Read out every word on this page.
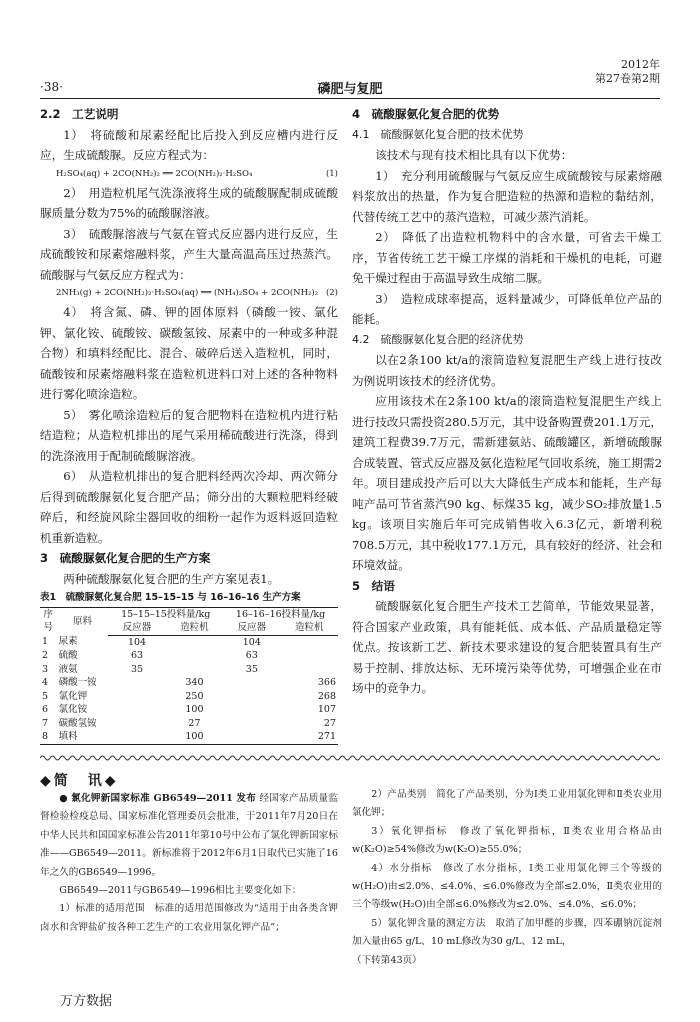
·38·	磷肥与复肥
2012年
第27卷第2期

2.2　工艺说明

1）　将硫酸和尿素经配比后投入到反应槽内进行反应，生成硫酸脲。反应方程式为：

H₂SO₄(aq) + 2CO(NH₂)₂ ══ 2CO(NH₂)₂·H₂SO₄	(1)

2）　用造粒机尾气洗涤液将生成的硫酸脲配制成硫酸脲质量分数为75%的硫酸脲溶液。

3）　硫酸脲溶液与气氨在管式反应器内进行反应，生成硫酸铵和尿素熔融料浆，产生大量高温高压过热蒸汽。硫酸脲与气氨反应方程式为：

2NH₃(g) + 2CO(NH₂)₂·H₂SO₄(aq) ══ (NH₄)₂SO₄ + 2CO(NH₂)₂ (2)

4）　将含氮、磷、钾的固体原料（磷酸一铵、氯化钾、氯化铵、硫酸铵、碳酸氢铵、尿素中的一种或多种混合物）和填料经配比、混合、破碎后送入造粒机，同时，硫酸铵和尿素熔融料浆在造粒机进料口对上述的各种物料进行雾化喷涂造粒。

5）　雾化喷涂造粒后的复合肥物料在造粒机内进行粘结造粒；从造粒机排出的尾气采用稀硫酸进行洗涤，得到的洗涤液用于配制硫酸脲溶液。

6）　从造粒机排出的复合肥料经两次冷却、两次筛分后得到硫酸脲氨化复合肥产品；筛分出的大颗粒肥料经破碎后，和经旋风除尘器回收的细粉一起作为返料返回造粒机重新造粒。

3　硫酸脲氨化复合肥的生产方案

两种硫酸脲氨化复合肥的生产方案见表1。

表1　硫酸脲氨化复合肥 15–15–15 与 16–16–16 生产方案
序
号	原料	15–15–15投料量/kg		16–16–16投料量/kg	
		反应器	造粒机	反应器	造粒机
1	尿素	104		104	
2	硫酸	63		63	
3	液氨	35		35	
4	磷酸一铵		340		366
5	氯化钾		250		268
6	氯化铵		100		107
7	碳酸氢铵		27		27
8	填料		100		271

4　硫酸脲氨化复合肥的优势

4.1　硫酸脲氨化复合肥的技术优势

该技术与现有技术相比具有以下优势：

1）　充分利用硫酸脲与气氨反应生成硫酸铵与尿素熔融料浆放出的热量，作为复合肥造粒的热源和造粒的黏结剂，代替传统工艺中的蒸汽造粒，可减少蒸汽消耗。

2）　降低了出造粒机物料中的含水量，可省去干燥工序，节省传统工艺干燥工序煤的消耗和干燥机的电耗，可避免干燥过程由于高温导致生成缩二脲。

3）　造粒成球率提高，返料量减少，可降低单位产品的能耗。

4.2　硫酸脲氨化复合肥的经济优势

以在2条100 kt/a的滚筒造粒复混肥生产线上进行技改为例说明该技术的经济优势。

应用该技术在2条100 kt/a的滚筒造粒复混肥生产线上进行技改只需投资280.5万元，其中设备购置费201.1万元，建筑工程费39.7万元，需新建氨站、硫酸罐区，新增硫酸脲合成装置、管式反应器及氨化造粒尾气回收系统，施工期需2年。项目建成投产后可以大大降低生产成本和能耗，生产每吨产品可节省蒸汽90 kg、标煤35 kg，减少SO₂排放量1.5 kg。该项目实施后年可完成销售收入6.3亿元，新增利税708.5万元，其中税收177.1万元，具有较好的经济、社会和环境效益。

5　结语

硫酸脲氨化复合肥生产技术工艺简单，节能效果显著，符合国家产业政策，具有能耗低、成本低、产品质量稳定等优点。按该新工艺、新技术要求建设的复合肥装置具有生产易于控制、排放达标、无环境污染等优势，可增强企业在市场中的竞争力。

◆简　讯◆

● 氯化钾新国家标准 GB6549—2011 发布 经国家产品质量监督检验检疫总局、国家标准化管理委员会批准，于2011年7月20日在中华人民共和国国家标准公告2011年第10号中公布了氯化钾新国家标准——GB6549—2011。新标准将于2012年6月1日取代已实施了16年之久的GB6549—1996。

GB6549—2011与GB6549—1996相比主要变化如下：

1）标准的适用范围　标准的适用范围修改为“适用于由各类含钾卤水和含钾盐矿按各种工艺生产的工农业用氯化钾产品”；

2）产品类别　简化了产品类别，分为Ⅰ类工业用氯化钾和Ⅱ类农业用氯化钾；

3）氧化钾指标　修改了氧化钾指标，Ⅱ类农业用合格品由w(K₂O)≥54%修改为w(K₂O)≥55.0%；

4）水分指标　修改了水分指标，Ⅰ类工业用氯化钾三个等级的w(H₂O)由≤2.0%、≤4.0%、≤6.0%修改为全部≤2.0%，Ⅱ类农业用的三个等级w(H₂O)由全部≤6.0%修改为≤2.0%、≤4.0%、≤6.0%；

5）氯化钾含量的测定方法　取消了加甲醛的步骤，四苯硼钠沉淀剂加入量由65 g/L、10 mL修改为30 g/L、12 mL，

（下转第43页）

万方数据
